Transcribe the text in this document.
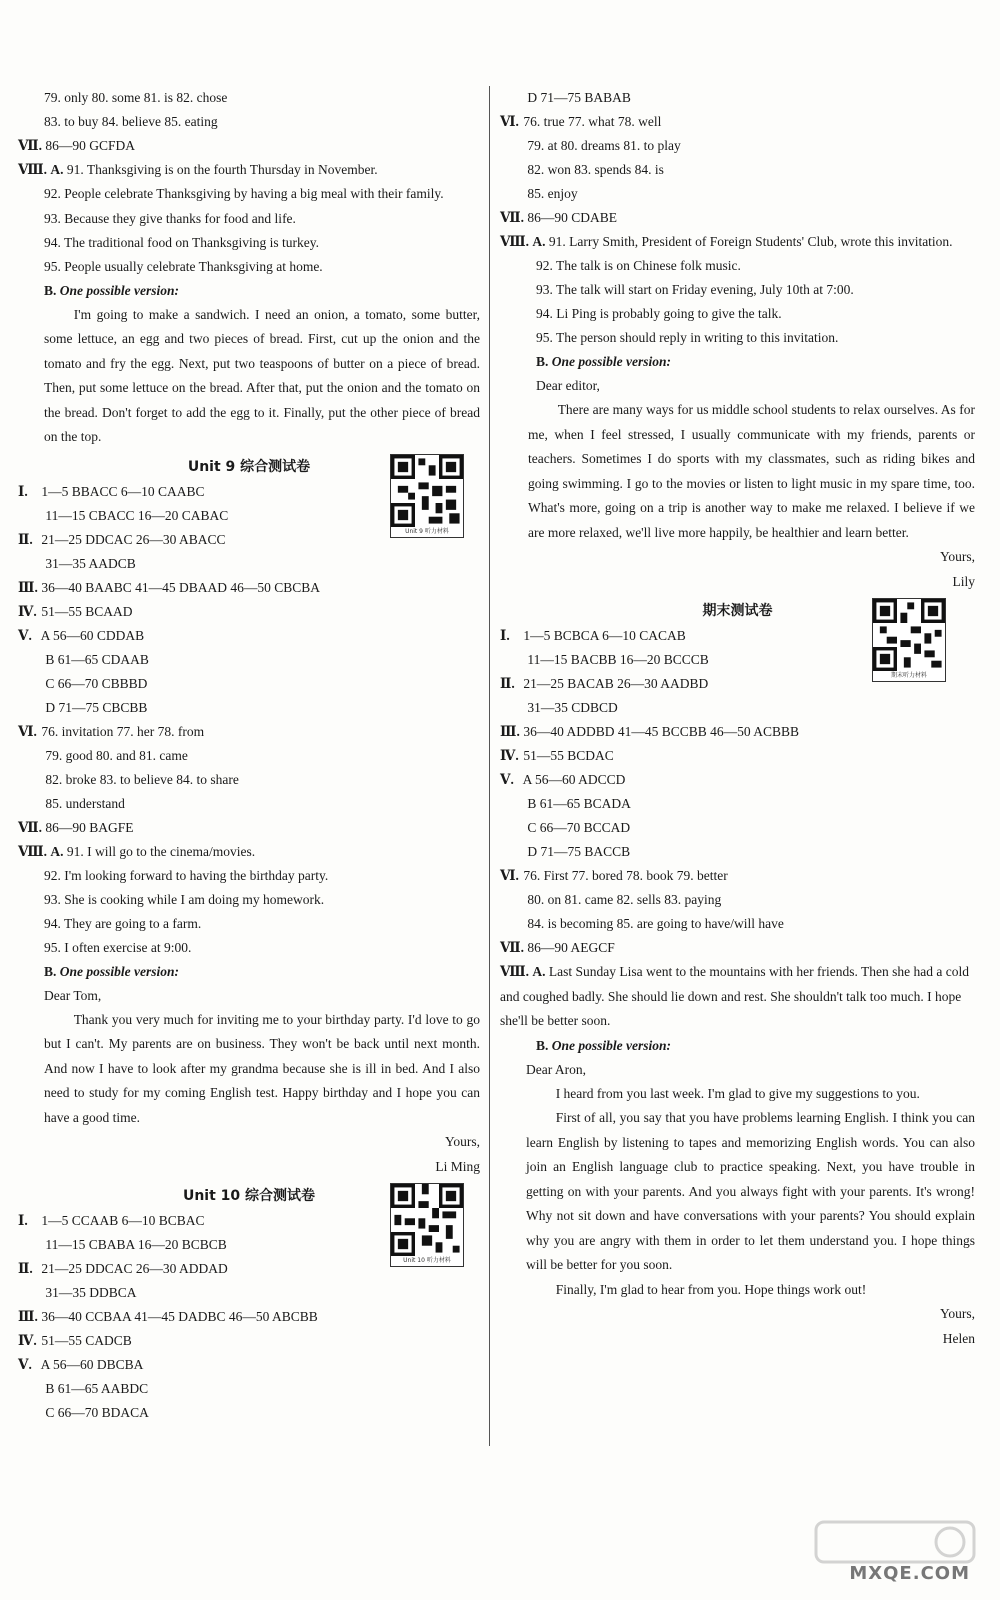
79. only 80. some 81. is 82. chose
83. to buy 84. believe 85. eating
Ⅶ. 86—90 GCFDA
Ⅷ. A. 91. Thanksgiving is on the fourth Thursday in November.
92. People celebrate Thanksgiving by having a big meal with their family.
93. Because they give thanks for food and life.
94. The traditional food on Thanksgiving is turkey.
95. People usually celebrate Thanksgiving at home.
B. One possible version:
I'm going to make a sandwich. I need an onion, a tomato, some butter, some lettuce, an egg and two pieces of bread. First, cut up the onion and the tomato and fry the egg. Next, put two teaspoons of butter on a piece of bread. Then, put some lettuce on the bread. After that, put the onion and the tomato on the bread. Don't forget to add the egg to it. Finally, put the other piece of bread on the top.
Unit 9 综合测试卷
Unit 9 听力材料
Ⅰ. 1—5 BBACC 6—10 CAABC
11—15 CBACC 16—20 CABAC
Ⅱ. 21—25 DDCAC 26—30 ABACC
31—35 AADCB
Ⅲ. 36—40 BAABC 41—45 DBAAD 46—50 CBCBA
Ⅳ. 51—55 BCAAD
Ⅴ. A 56—60 CDDAB
B 61—65 CDAAB
C 66—70 CBBBD
D 71—75 CBCBB
Ⅵ. 76. invitation 77. her 78. from
79. good 80. and 81. came
82. broke 83. to believe 84. to share
85. understand
Ⅶ. 86—90 BAGFE
Ⅷ. A. 91. I will go to the cinema/movies.
92. I'm looking forward to having the birthday party.
93. She is cooking while I am doing my homework.
94. They are going to a farm.
95. I often exercise at 9:00.
B. One possible version:
Dear Tom,
Thank you very much for inviting me to your birthday party. I'd love to go but I can't. My parents are on business. They won't be back until next month. And now I have to look after my grandma because she is ill in bed. And I also need to study for my coming English test. Happy birthday and I hope you can have a good time.
Yours,
Li Ming
Unit 10 综合测试卷
Unit 10 听力材料
Ⅰ. 1—5 CCAAB 6—10 BCBAC
11—15 CBABA 16—20 BCBCB
Ⅱ. 21—25 DDCAC 26—30 ADDAD
31—35 DDBCA
Ⅲ. 36—40 CCBAA 41—45 DADBC 46—50 ABCBB
Ⅳ. 51—55 CADCB
Ⅴ. A 56—60 DBCBA
B 61—65 AABDC
C 66—70 BDACA
D 71—75 BABAB
Ⅵ. 76. true 77. what 78. well
79. at 80. dreams 81. to play
82. won 83. spends 84. is
85. enjoy
Ⅶ. 86—90 CDABE
Ⅷ. A. 91. Larry Smith, President of Foreign Students' Club, wrote this invitation.
92. The talk is on Chinese folk music.
93. The talk will start on Friday evening, July 10th at 7:00.
94. Li Ping is probably going to give the talk.
95. The person should reply in writing to this invitation.
B. One possible version:
Dear editor,
There are many ways for us middle school students to relax ourselves. As for me, when I feel stressed, I usually communicate with my friends, parents or teachers. Sometimes I do sports with my classmates, such as riding bikes and going swimming. I go to the movies or listen to light music in my spare time, too. What's more, going on a trip is another way to make me relaxed. I believe if we are more relaxed, we'll live more happily, be healthier and learn better.
Yours,
Lily
期末测试卷
期末听力材料
Ⅰ. 1—5 BCBCA 6—10 CACAB
11—15 BACBB 16—20 BCCCB
Ⅱ. 21—25 BACAB 26—30 AADBD
31—35 CDBCD
Ⅲ. 36—40 ADDBD 41—45 BCCBB 46—50 ACBBB
Ⅳ. 51—55 BCDAC
Ⅴ. A 56—60 ADCCD
B 61—65 BCADA
C 66—70 BCCAD
D 71—75 BACCB
Ⅵ. 76. First 77. bored 78. book 79. better
80. on 81. came 82. sells 83. paying
84. is becoming 85. are going to have/will have
Ⅶ. 86—90 AEGCF
Ⅷ. A. Last Sunday Lisa went to the mountains with her friends. Then she had a cold and coughed badly. She should lie down and rest. She shouldn't talk too much. I hope she'll be better soon.
B. One possible version:
Dear Aron,
I heard from you last week. I'm glad to give my suggestions to you.
First of all, you say that you have problems learning English. I think you can learn English by listening to tapes and memorizing English words. You can also join an English language club to practice speaking. Next, you have trouble in getting on with your parents. And you always fight with your parents. It's wrong! Why not sit down and have conversations with your parents? You should explain why you are angry with them in order to let them understand you. I hope things will be better for you soon.
Finally, I'm glad to hear from you. Hope things work out!
Yours,
Helen
MXQE.COM
